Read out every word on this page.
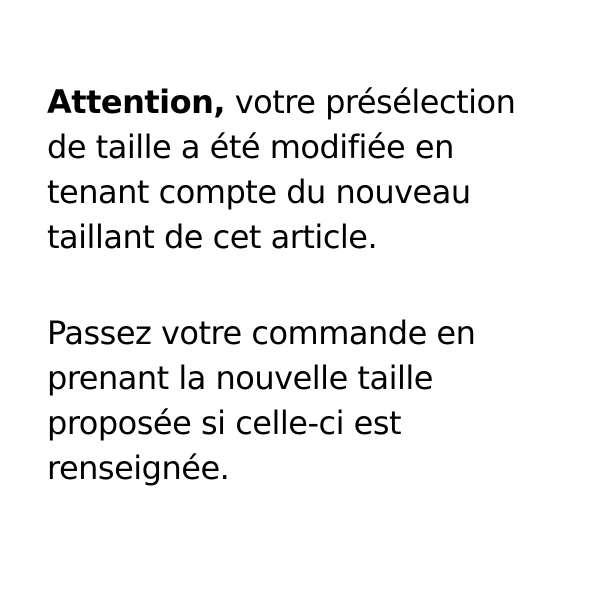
Attention, votre présélection
de taille a été modifiée en
tenant compte du nouveau
taillant de cet article.
Passez votre commande en
prenant la nouvelle taille
proposée si celle-ci est
renseignée.
